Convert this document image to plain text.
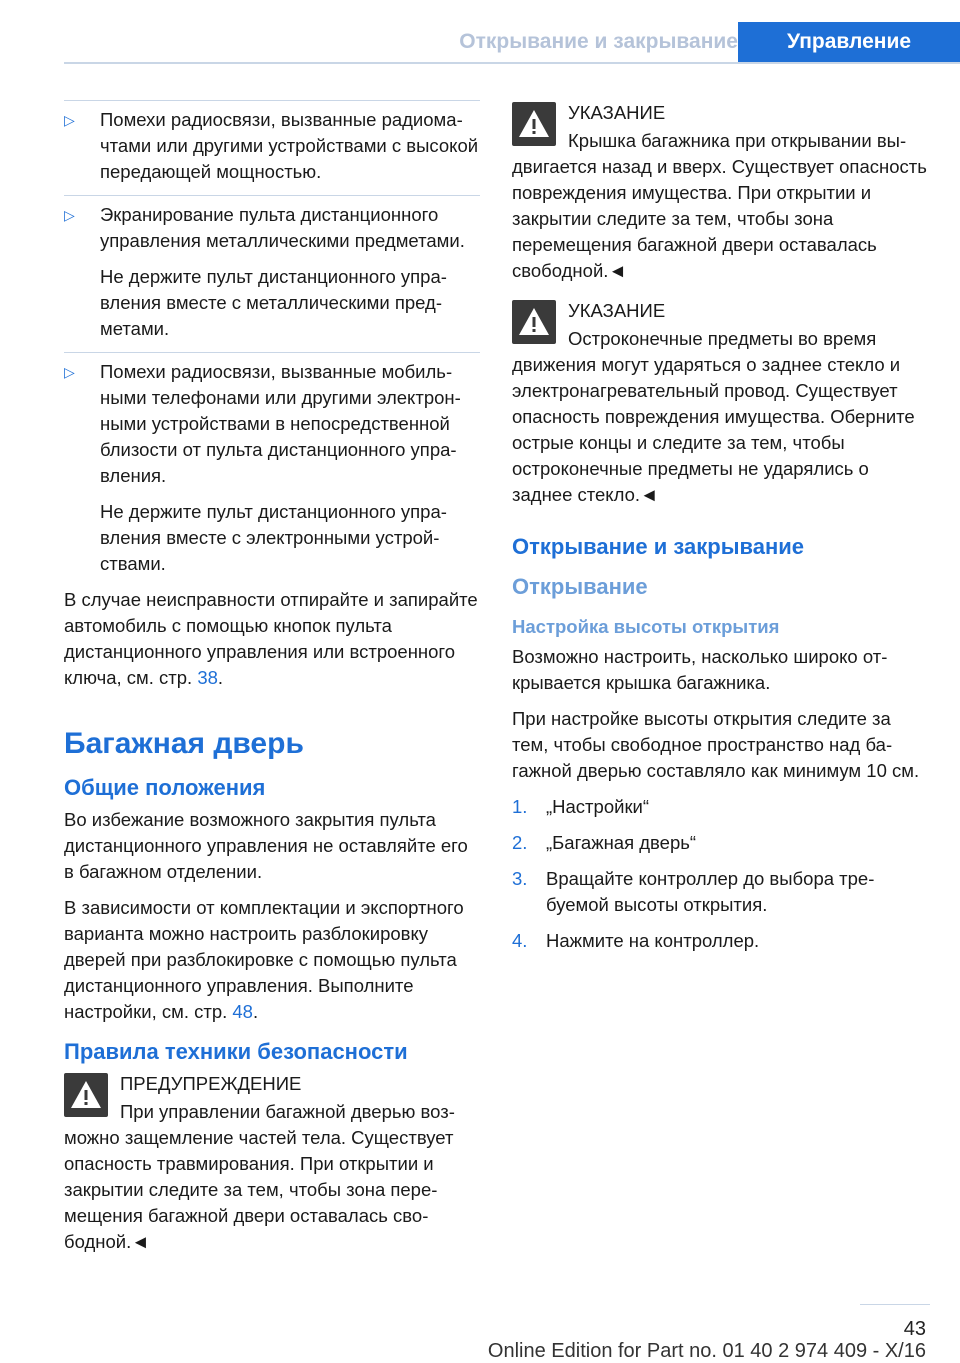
Открывание и закрывание	Управление
▷ Помехи радиосвязи, вызванные радиомачтами или другими устройствами с высокой передающей мощностью.
▷ Экранирование пульта дистанционного управления металлическими предметами.

Не держите пульт дистанционного управления вместе с металлическими предметами.

▷ Помехи радиосвязи, вызванные мобильными телефонами или другими электронными устройствами в непосредственной близости от пульта дистанционного управления.

Не держите пульт дистанционного управления вместе с электронными устройствами.

В случае неисправности отпирайте и запирайте автомобиль с помощью кнопок пульта дистанционного управления или встроенного ключа, см. стр. 38.

Багажная дверь
Общие положения

Во избежание возможного закрытия пульта дистанционного управления не оставляйте его в багажном отделении.

В зависимости от комплектации и экспортного варианта можно настроить разблокировку дверей при разблокировке с помощью пульта дистанционного управления. Выполните настройки, см. стр. 48.

Правила техники безопасности
ПРЕДУПРЕЖДЕНИЕ
При управлении багажной дверью возможно защемление частей тела. Существует опасность травмирования. При открытии и закрытии следите за тем, чтобы зона перемещения багажной двери оставалась свободной.◄
УКАЗАНИЕ
Крышка багажника при открывании выдвигается назад и вверх. Существует опасность повреждения имущества. При открытии и закрытии следите за тем, чтобы зона перемещения багажной двери оставалась свободной.◄
УКАЗАНИЕ
Остроконечные предметы во время движения могут ударяться о заднее стекло и электронагревательный провод. Существует опасность повреждения имущества. Оберните острые концы и следите за тем, чтобы остроконечные предметы не ударялись о заднее стекло.◄
Открывание и закрывание
Открывание
Настройка высоты открытия

Возможно настроить, насколько широко открывается крышка багажника.

При настройке высоты открытия следите за тем, чтобы свободное пространство над багажной дверью составляло как минимум 10 см.

1. „Настройки“
2. „Багажная дверь“
3. Вращайте контроллер до выбора требуемой высоты открытия.
4. Нажмите на контроллер.
43
Online Edition for Part no. 01 40 2 974 409 - X/16
